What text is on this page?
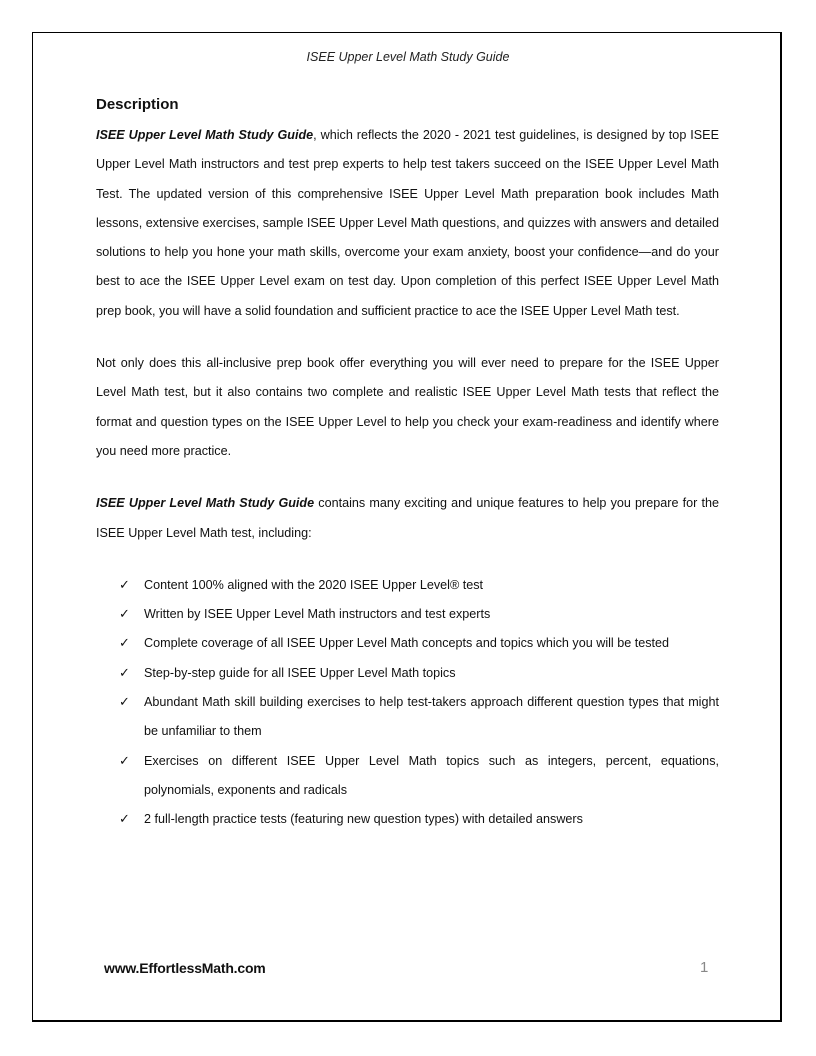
ISEE Upper Level Math Study Guide
Description

ISEE Upper Level Math Study Guide, which reflects the 2020 - 2021 test guidelines, is designed by top ISEE Upper Level Math instructors and test prep experts to help test takers succeed on the ISEE Upper Level Math Test. The updated version of this comprehensive ISEE Upper Level Math preparation book includes Math lessons, extensive exercises, sample ISEE Upper Level Math questions, and quizzes with answers and detailed solutions to help you hone your math skills, overcome your exam anxiety, boost your confidence—and do your best to ace the ISEE Upper Level exam on test day. Upon completion of this perfect ISEE Upper Level Math prep book, you will have a solid foundation and sufficient practice to ace the ISEE Upper Level Math test.

Not only does this all-inclusive prep book offer everything you will ever need to prepare for the ISEE Upper Level Math test, but it also contains two complete and realistic ISEE Upper Level Math tests that reflect the format and question types on the ISEE Upper Level to help you check your exam-readiness and identify where you need more practice.

ISEE Upper Level Math Study Guide contains many exciting and unique features to help you prepare for the ISEE Upper Level Math test, including:

✓ Content 100% aligned with the 2020 ISEE Upper Level® test
✓ Written by ISEE Upper Level Math instructors and test experts
✓ Complete coverage of all ISEE Upper Level Math concepts and topics which you will be tested
✓ Step-by-step guide for all ISEE Upper Level Math topics
✓ Abundant Math skill building exercises to help test-takers approach different question types that might be unfamiliar to them
✓ Exercises on different ISEE Upper Level Math topics such as integers, percent, equations, polynomials, exponents and radicals
✓ 2 full-length practice tests (featuring new question types) with detailed answers
www.EffortlessMath.com	1
